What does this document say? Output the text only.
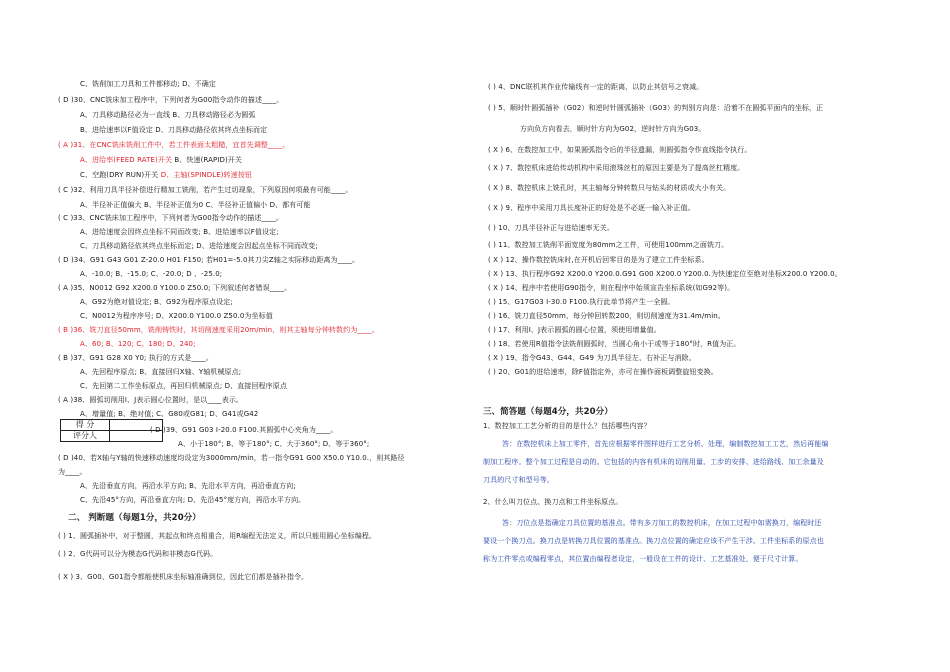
C、铣削加工刀具和工件都移动; D、不确定
( D )30、CNC铣床加工程序中，下列何者为G00指令动作的描述____。
A、刀具移动路径必为一直线 B、刀具移动路径必为圆弧
B、进给速率以F值设定 D、刀具移动路径依其终点坐标而定
( A )31、在CNC铣床铣削工件中，若工件表面太粗糙，宜首先调整____。
A、进给率(FEED RATE)开关 B、快速(RAPID)开关
C、空跑(DRY RUN)开关 D、主轴(SPINDLE)转速按钮
( C )32、利用刀具半径补偿进行精加工铣削，若产生过切现象，下列原因何项最有可能____。
A、半径补正值偏大 B、半径补正值为0 C、半径补正值偏小 D、都有可能
( C )33、CNC铣床加工程序中，下列何者为G00指令动作的描述____。
A、进给速度会因终点坐标不同而改变; B、进给速率以F值设定;
C、刀具移动路径依其终点坐标而定; D、进给速度会因起点坐标不同而改变;
( D )34、G91 G43 G01 Z-20.0 H01 F150; 若H01=-5.0其刀尖Z轴之实际移动距离为____。
A、-10.0; B、-15.0; C、-20.0; D 、-25.0;
( A )35、N0012 G92 X200.0 Y100.0 Z50.0; 下列叙述何者错误____。
A、G92为绝对值设定; B、G92为程序原点设定;
C、N0012为程序序号; D、X200.0 Y100.0 Z50.0为坐标值
( B )36、铣刀直径50mm，铣削铸铁时，其切削速度采用20m/min，则其主轴每分钟转数约为____。
A、60; B、120; C、180; D、240;
( B )37、G91 G28 X0 Y0; 执行的方式是____。
A、先回程序原点; B、直接回归X轴、Y轴机械原点;
C、先回第二工作坐标原点，再回归机械原点; D、直接回程序原点
( A )38、圆弧切削用I、J表示圆心位置时，是以____表示。
A、增量值; B、绝对值; C、G80或G81; D、G41或G42
( D )39、G91 G03 I-20.0 F100.其圆弧中心夹角为____。
A、小于180°; B、等于180°; C、大于360°; D、等于360°;
( D )40、若X轴与Y轴的快速移动速度均设定为3000mm/min，若一指令G91 G00 X50.0 Y10.0.，则其路径
为____。
A、先沿垂直方向，再沿水平方向; B、先沿水平方向，再沿垂直方向;
C、先沿45°方向，再沿垂直方向; D、先沿45°度方向，再沿水平方向。
二、 判断题（每题1分，共20分）
( ) 1、圆弧插补中，对于整圆，其起点和终点相重合，用R编程无法定义，所以只能用圆心坐标编程。
( ) 2、G代码可以分为模态G代码和非模态G代码。
( X ) 3、G00、G01指令都能使机床坐标轴准确到位，因此它们都是插补指令。
得 分	
评分人	
( ) 4、DNC联机其作业传输线有一定的距离，以防止其信号之衰减。
( ) 5、顺时针圆弧插补（G02）和逆时针圆弧插补（G03）的判别方向是：沿着不在圆弧平面内的坐标，正
方向负方向看去，顺时针方向为G02，逆时针方向为G03。
( X ) 6、在数控加工中，如果圆弧指令后的半径遗漏，则圆弧指令作直线指令执行。
( X ) 7、数控机床进给传动机构中采用滚珠丝杠的原因主要是为了提高丝杠精度。
( X ) 8、数控机床上铣孔时，其主轴每分钟转数只与钻头的材质或大小有关。
( X ) 9、程序中采用刀具长度补正的好处是不必逐一输入补正值。
( ) 10、刀具半径补正与进给速率无关。
( ) 11、数控加工铣削平面宽度为80mm之工件，可使用100mm之面铣刀。
( X ) 12、操作数控铣床时,在开机后回零目的是为了建立工件坐标系。
( X ) 13、执行程序G92 X200.0 Y200.0.G91 G00 X200.0 Y200.0.为快速定位至绝对坐标X200.0 Y200.0。
( X ) 14、程序中若使用G90指令，则在程序中始须宣告坐标系统(如G92等)。
( ) 15、G17G03 I-30.0 F100.执行此单节将产生一全圆。
( ) 16、铣刀直径50mm、每分钟回转数200，则切削速度为31.4m/min。
( ) 17、利用I、J表示圆弧的圆心位置，须使用增量值。
( ) 18、若使用R值指令法铣削圆弧时，当圆心角小于或等于180°时，R值为正。
( X ) 19、指令G43、G44、G49 为刀具半径左、右补正与消除。
( ) 20、G01的进给速率，除F值指定外，亦可在操作面板调整旋钮变换。
三、简答题（每题4分，共20分）
1、数控加工工艺分析的目的是什么？包括哪些内容？
答：在数控机床上加工零件，首先应根据零件图样进行工艺分析、处理，编制数控加工工艺，然后再能编
制加工程序。整个加工过程是自动的。它包括的内容有机床的切削用量、工步的安排、进给路线、加工余量及
刀具的尺寸和型号等。
2、什么叫刀位点、换刀点和工件坐标原点。
答：刀位点是指确定刀具位置的基准点。带有多刀加工的数控机床，在加工过程中如需换刀，编程时还
要设一个换刀点。换刀点是转换刀具位置的基准点。换刀点位置的确定应该不产生干涉。工件坐标系的原点也
称为工件零点或编程零点，其位置由编程者设定，一般设在工件的设计、工艺基准处，便于尺寸计算。
